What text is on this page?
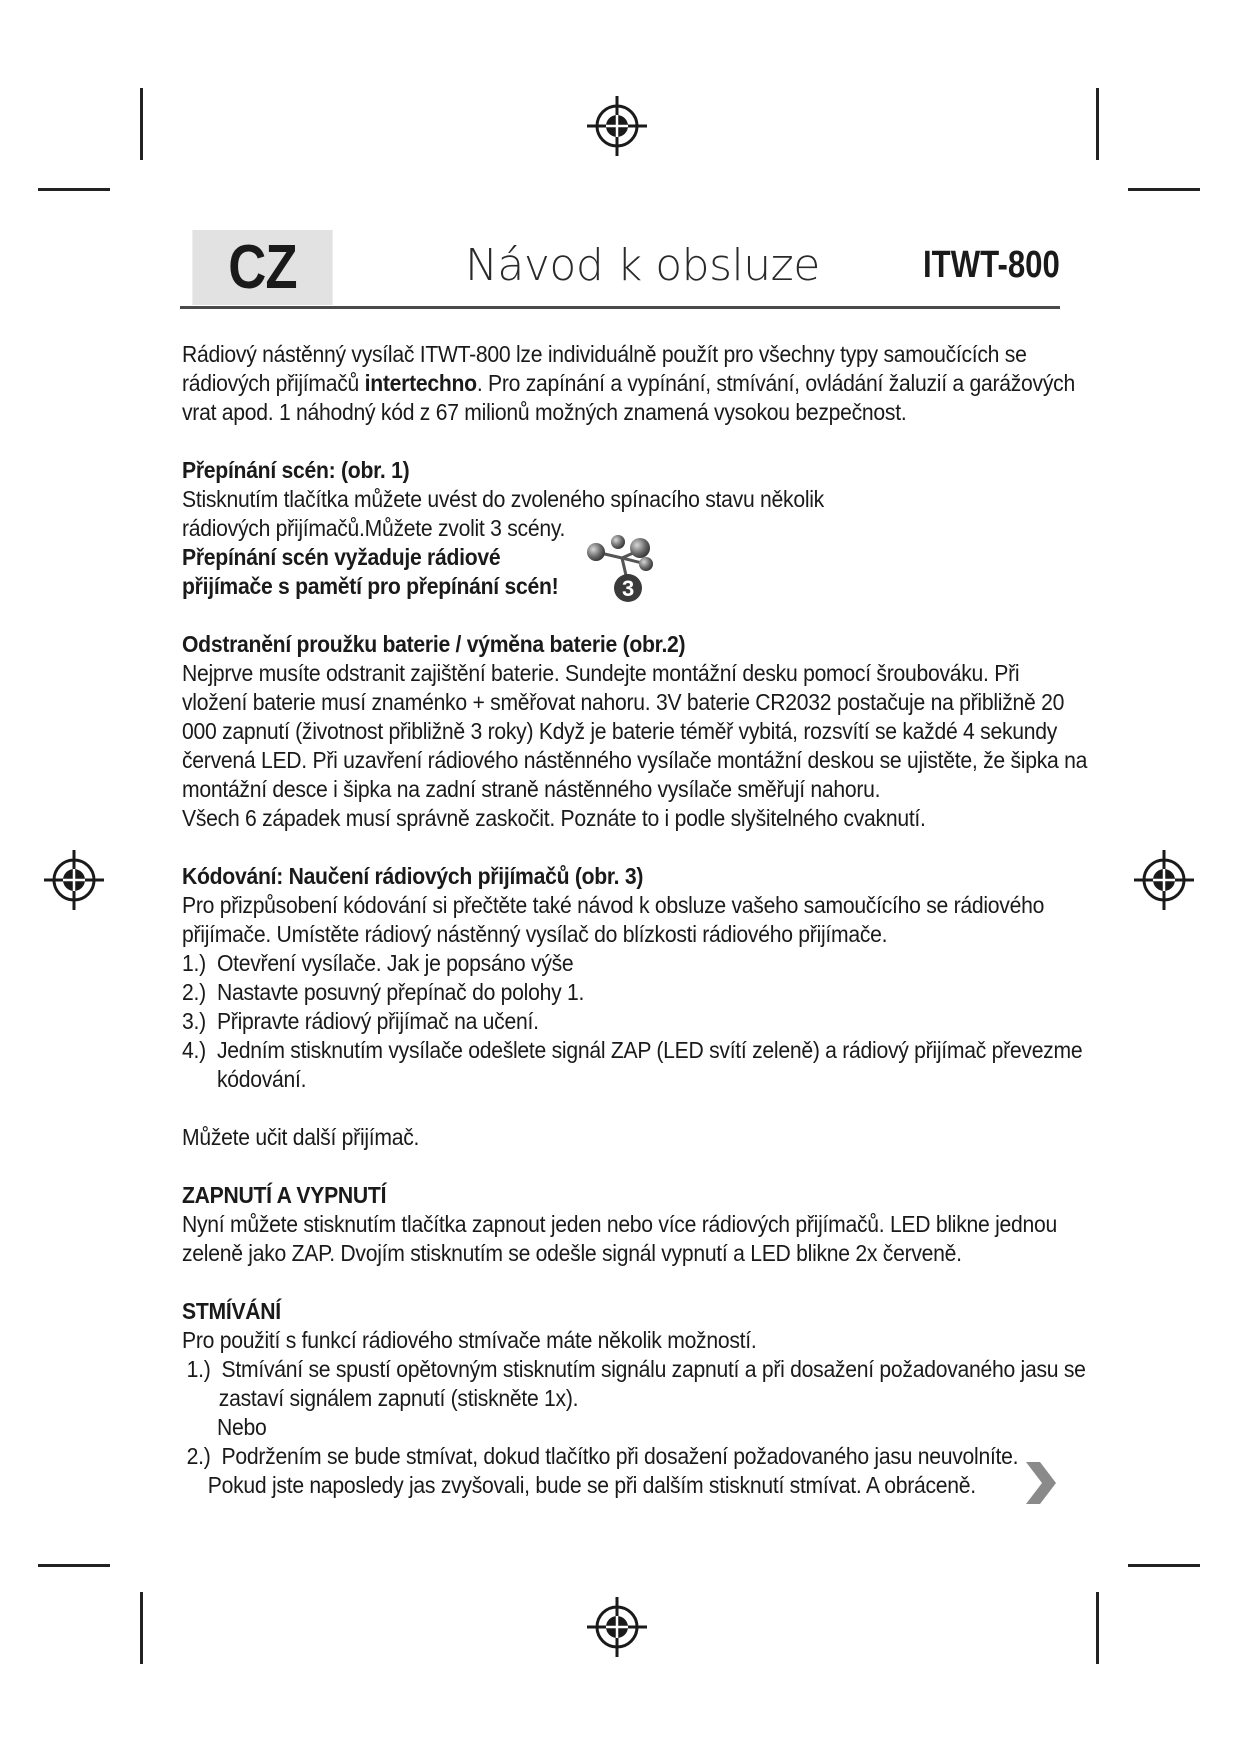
CZ	Návod k obsluze	ITWT-800

Rádiový nástěnný vysílač ITWT-800 lze individuálně použít pro všechny typy samoučících se

rádiových přijímačů intertechno. Pro zapínání a vypínání, stmívání, ovládání žaluzií a garážových

vrat apod. 1 náhodný kód z 67 milionů možných znamená vysokou bezpečnost.

Přepínání scén: (obr. 1)

Stisknutím tlačítka můžete uvést do zvoleného spínacího stavu několik

rádiových přijímačů.Můžete zvolit 3 scény.

Přepínání scén vyžaduje rádiové

přijímače s pamětí pro přepínání scén!	3

Odstranění proužku baterie / výměna baterie (obr.2)

Nejprve musíte odstranit zajištění baterie. Sundejte montážní desku pomocí šroubováku. Při

vložení baterie musí znaménko + směřovat nahoru. 3V baterie CR2032 postačuje na přibližně 20

000 zapnutí (životnost přibližně 3 roky) Když je baterie téměř vybitá, rozsvítí se každé 4 sekundy

červená LED. Při uzavření rádiového nástěnného vysílače montážní deskou se ujistěte, že šipka na

montážní desce i šipka na zadní straně nástěnného vysílače směřují nahoru.

Všech 6 západek musí správně zaskočit. Poznáte to i podle slyšitelného cvaknutí.

Kódování: Naučení rádiových přijímačů (obr. 3)

Pro přizpůsobení kódování si přečtěte také návod k obsluze vašeho samoučícího se rádiového

přijímače. Umístěte rádiový nástěnný vysílač do blízkosti rádiového přijímače.

1.) Otevření vysílače. Jak je popsáno výše
2.) Nastavte posuvný přepínač do polohy 1.
3.) Připravte rádiový přijímač na učení.
4.) Jedním stisknutím vysílače odešlete signál ZAP (LED svítí zeleně) a rádiový přijímač převezme

kódování.

Můžete učit další přijímač.

ZAPNUTÍ A VYPNUTÍ

Nyní můžete stisknutím tlačítka zapnout jeden nebo více rádiových přijímačů. LED blikne jednou

zeleně jako ZAP. Dvojím stisknutím se odešle signál vypnutí a LED blikne 2x červeně.

STMÍVÁNÍ

Pro použití s funkcí rádiového stmívače máte několik možností.

1.) Stmívání se spustí opětovným stisknutím signálu zapnutí a při dosažení požadovaného jasu se

zastaví signálem zapnutí (stiskněte 1x).

Nebo

2.) Podržením se bude stmívat, dokud tlačítko při dosažení požadovaného jasu neuvolníte.

Pokud jste naposledy jas zvyšovali, bude se při dalším stisknutí stmívat. A obráceně.
